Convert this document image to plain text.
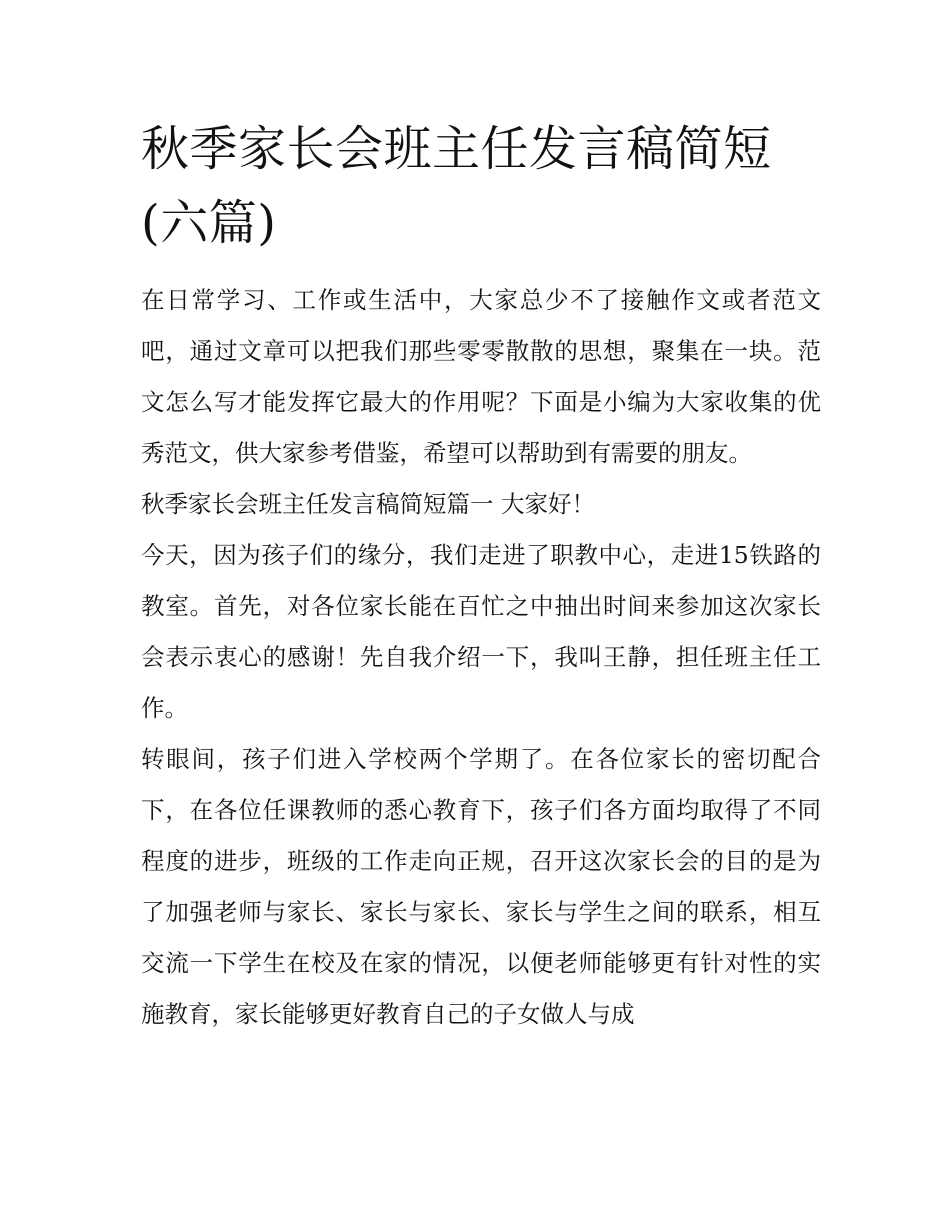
秋季家长会班主任发言稿简短(六篇)

在日常学习、工作或生活中，大家总少不了接触作文或者范文吧，通过文章可以把我们那些零零散散的思想，聚集在一块。范文怎么写才能发挥它最大的作用呢？下面是小编为大家收集的优秀范文，供大家参考借鉴，希望可以帮助到有需要的朋友。

秋季家长会班主任发言稿简短篇一 大家好！

今天，因为孩子们的缘分，我们走进了职教中心，走进15铁路的教室。首先，对各位家长能在百忙之中抽出时间来参加这次家长会表示衷心的感谢！先自我介绍一下，我叫王静，担任班主任工作。

转眼间，孩子们进入学校两个学期了。在各位家长的密切配合下，在各位任课教师的悉心教育下，孩子们各方面均取得了不同程度的进步，班级的工作走向正规，召开这次家长会的目的是为了加强老师与家长、家长与家长、家长与学生之间的联系，相互交流一下学生在校及在家的情况，以便老师能够更有针对性的实施教育，家长能够更好教育自己的子女做人与成
